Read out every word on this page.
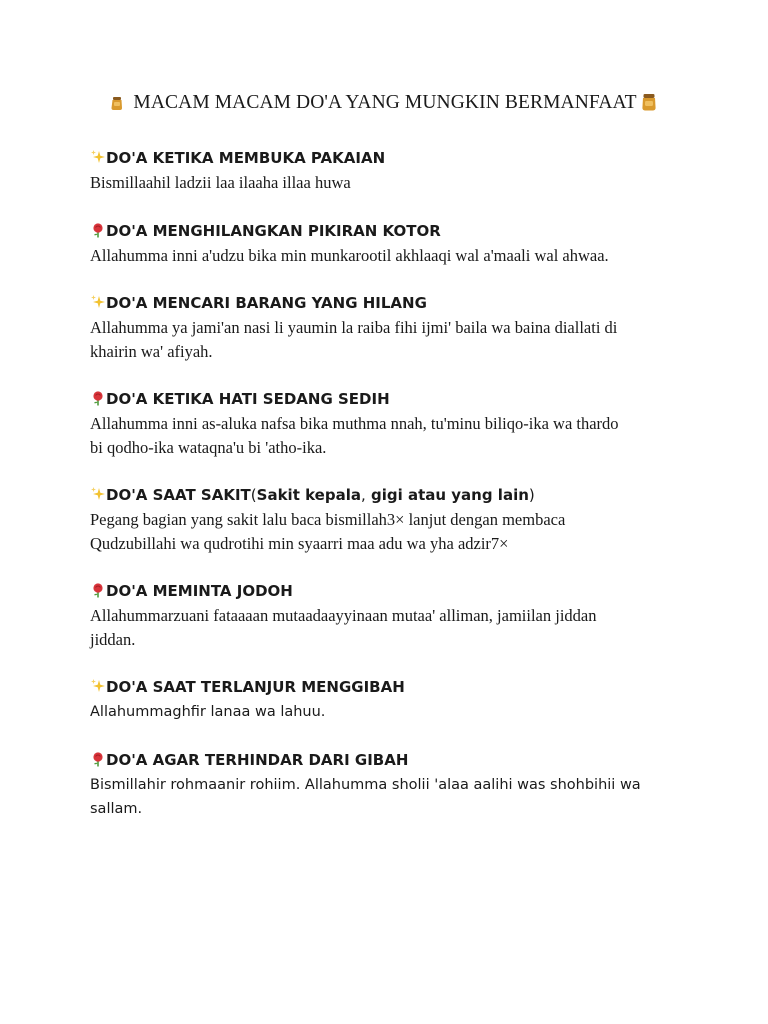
MACAM MACAM DO'A YANG MUNGKIN BERMANFAAT
DO'A KETIKA MEMBUKA PAKAIAN
Bismillaahil ladzii laa ilaaha illaa huwa
DO'A MENGHILANGKAN PIKIRAN KOTOR
Allahumma inni a'udzu bika min munkarootil akhlaaqi wal a'maali wal ahwaa.
DO'A MENCARI BARANG YANG HILANG
Allahumma ya jami'an nasi li yaumin la raiba fihi ijmi' baila wa baina diallati di
khairin wa' afiyah.
DO'A KETIKA HATI SEDANG SEDIH
Allahumma inni as-aluka nafsa bika muthma nnah, tu'minu biliqo-ika wa thardo
bi qodho-ika wataqna'u bi 'atho-ika.
DO'A SAAT SAKIT(Sakit kepala, gigi atau yang lain)
Pegang bagian yang sakit lalu baca bismillah3× lanjut dengan membaca
Qudzubillahi wa qudrotihi min syaarri maa adu wa yha adzir7×
DO'A MEMINTA JODOH
Allahummarzuani fataaaan mutaadaayyinaan mutaa' alliman, jamiilan jiddan
jiddan.
DO'A SAAT TERLANJUR MENGGIBAH
Allahummaghfir lanaa wa lahuu.
DO'A AGAR TERHINDAR DARI GIBAH
Bismillahir rohmaanir rohiim. Allahumma sholii 'alaa aalihi was shohbihii wa
sallam.
